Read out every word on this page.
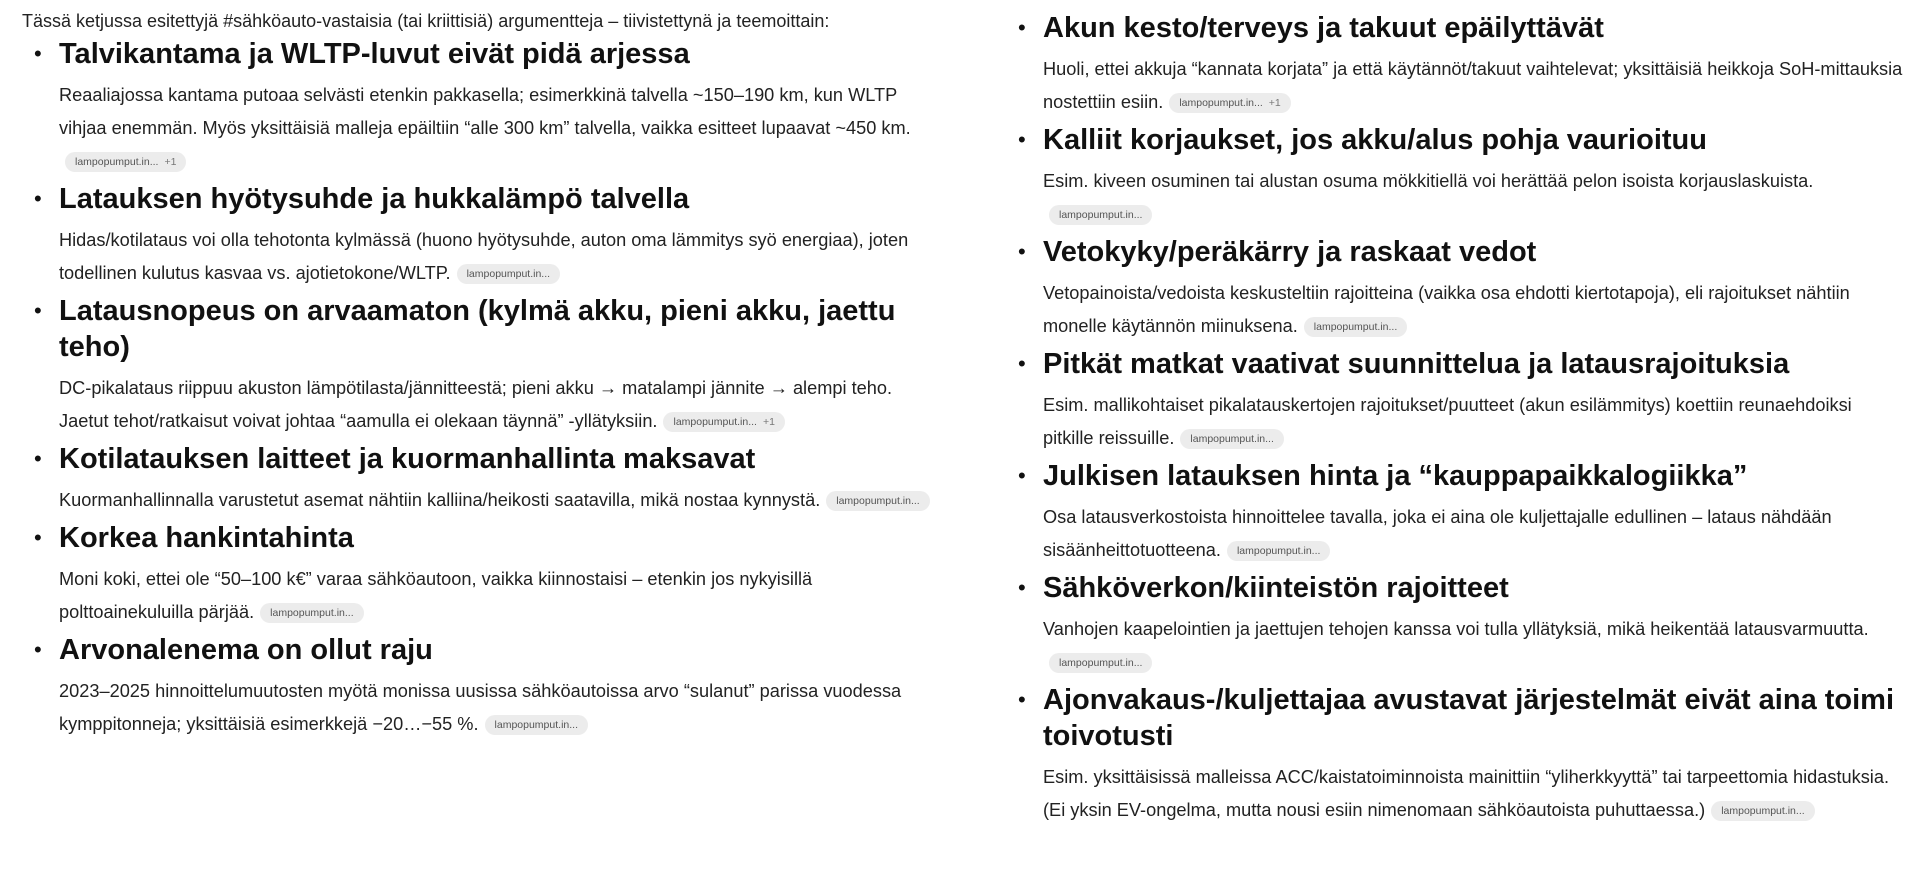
Tässä ketjussa esitettyjä #sähköauto-vastaisia (tai kriittisiä) argumentteja – tiivistettynä ja teemoittain:

• Talvikantama ja WLTP-luvut eivät pidä arjessa

Reaaliajossa kantama putoaa selvästi etenkin pakkasella; esimerkkinä talvella ~150–190 km, kun WLTP vihjaa enemmän. Myös yksittäisiä malleja epäiltiin “alle 300 km” talvella, vaikka esitteet lupaavat ~450 km.
lampopumput.in... +1

• Latauksen hyötysuhde ja hukkalämpö talvella

Hidas/kotilataus voi olla tehotonta kylmässä (huono hyötysuhde, auton oma lämmitys syö energiaa), joten todellinen kulutus kasvaa vs. ajotietokone/WLTP. lampopumput.in...

• Latausnopeus on arvaamaton (kylmä akku, pieni akku, jaettu teho)

DC-pikalataus riippuu akuston lämpötilasta/jännitteestä; pieni akku → matalampi jännite → alempi teho. Jaetut tehot/ratkaisut voivat johtaa “aamulla ei olekaan täynnä” -yllätyksiin. lampopumput.in... +1

• Kotilatauksen laitteet ja kuormanhallinta maksavat

Kuormanhallinnalla varustetut asemat nähtiin kalliina/heikosti saatavilla, mikä nostaa kynnystä. lampopumput.in...

• Korkea hankintahinta

Moni koki, ettei ole “50–100 k€” varaa sähköautoon, vaikka kiinnostaisi – etenkin jos nykyisillä polttoainekuluilla pärjää. lampopumput.in...

• Arvonalenema on ollut raju

2023–2025 hinnoittelumuutosten myötä monissa uusissa sähköautoissa arvo “sulanut” parissa vuodessa kymppitonneja; yksittäisiä esimerkkejä −20…−55 %. lampopumput.in...

• Akun kesto/terveys ja takuut epäilyttävät

Huoli, ettei akkuja “kannata korjata” ja että käytännöt/takuut vaihtelevat; yksittäisiä heikkoja SoH-mittauksia nostettiin esiin. lampopumput.in... +1

• Kalliit korjaukset, jos akku/alus pohja vaurioituu

Esim. kiveen osuminen tai alustan osuma mökkitiellä voi herättää pelon isoista korjauslaskuista.
lampopumput.in...

• Vetokyky/peräkärry ja raskaat vedot

Vetopainoista/vedoista keskusteltiin rajoitteina (vaikka osa ehdotti kiertotapoja), eli rajoitukset nähtiin monelle käytännön miinuksena. lampopumput.in...

• Pitkät matkat vaativat suunnittelua ja latausrajoituksia

Esim. mallikohtaiset pikalatauskertojen rajoitukset/puutteet (akun esilämmitys) koettiin reunaehdoiksi pitkille reissuille. lampopumput.in...

• Julkisen latauksen hinta ja “kauppapaikkalogiikka”

Osa latausverkostoista hinnoittelee tavalla, joka ei aina ole kuljettajalle edullinen – lataus nähdään sisäänheittotuotteena. lampopumput.in...

• Sähköverkon/kiinteistön rajoitteet

Vanhojen kaapelointien ja jaettujen tehojen kanssa voi tulla yllätyksiä, mikä heikentää latausvarmuutta.
lampopumput.in...

• Ajonvakaus-/kuljettajaa avustavat järjestelmät eivät aina toimi toivotusti

Esim. yksittäisissä malleissa ACC/kaistatoiminnoista mainittiin “yliherkkyyttä” tai tarpeettomia hidastuksia. (Ei yksin EV-ongelma, mutta nousi esiin nimenomaan sähköautoista puhuttaessa.) lampopumput.in...
